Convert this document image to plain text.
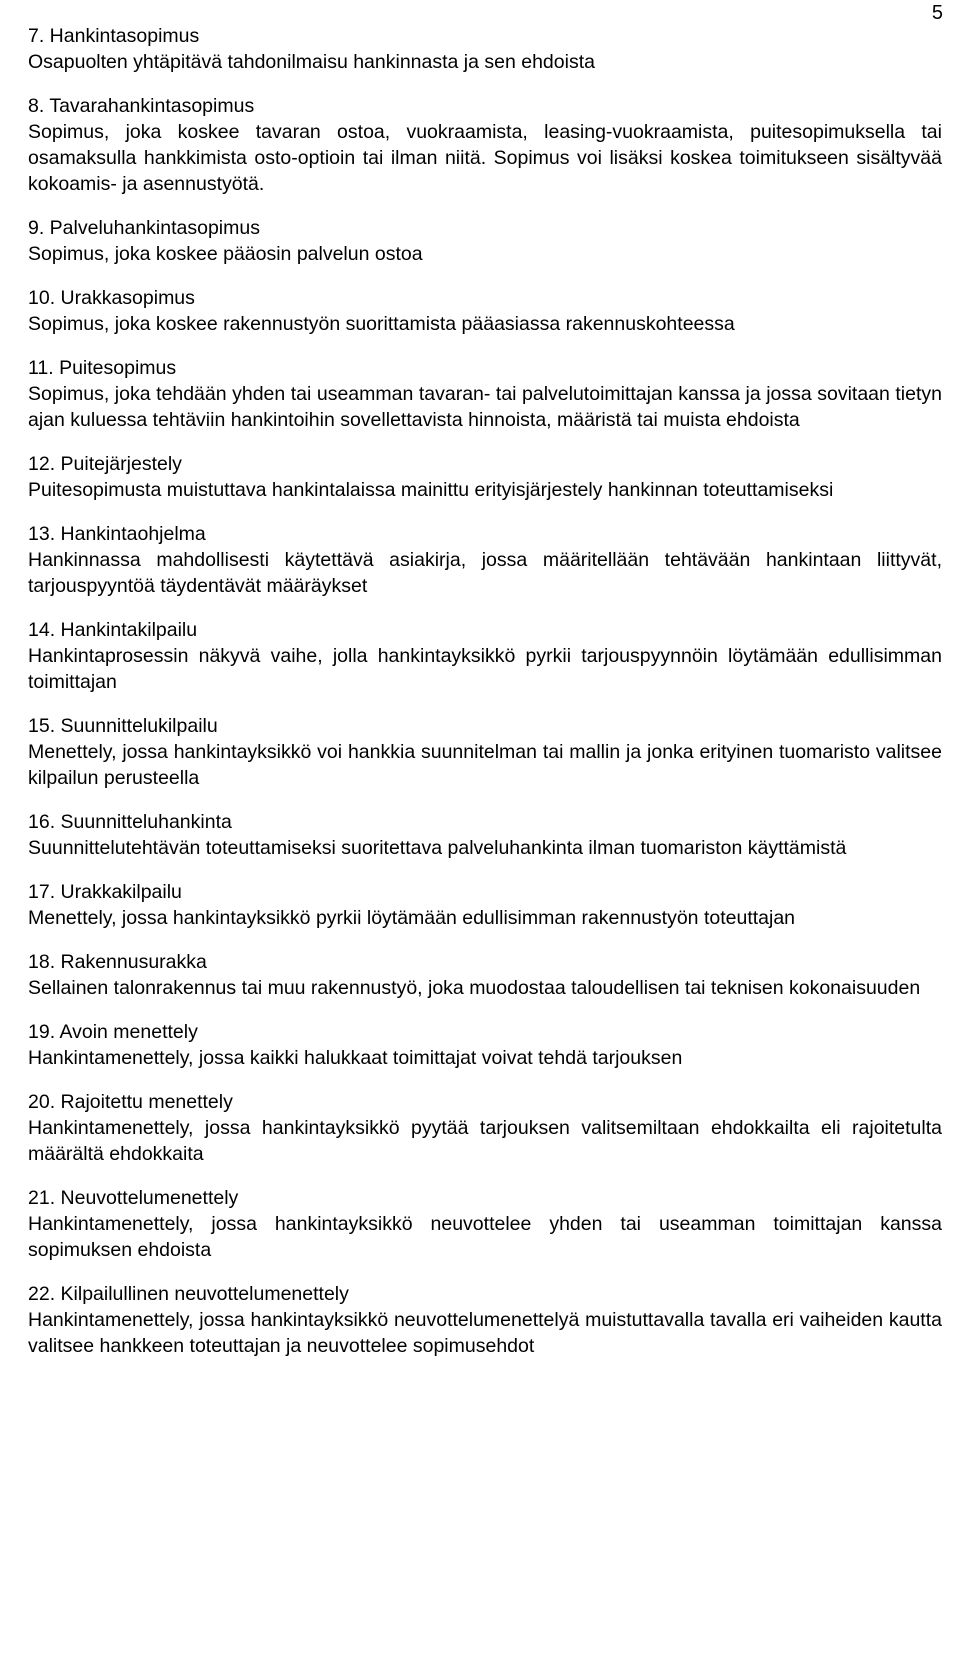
5
7. Hankintasopimus
Osapuolten yhtäpitävä tahdonilmaisu hankinnasta ja sen ehdoista
8. Tavarahankintasopimus
Sopimus, joka koskee tavaran ostoa, vuokraamista, leasing-vuokraamista, puitesopimuksella tai osamaksulla hankkimista osto-optioin tai ilman niitä. Sopimus voi lisäksi koskea toimitukseen sisältyvää kokoamis- ja asennustyötä.
9. Palveluhankintasopimus
Sopimus, joka koskee pääosin palvelun ostoa
10. Urakkasopimus
Sopimus, joka koskee rakennustyön suorittamista pääasiassa rakennuskohteessa
11. Puitesopimus
Sopimus, joka tehdään yhden tai useamman tavaran- tai palvelutoimittajan kanssa ja jossa sovitaan tietyn ajan kuluessa tehtäviin hankintoihin sovellettavista hinnoista, määristä tai muista ehdoista
12. Puitejärjestely
Puitesopimusta muistuttava hankintalaissa mainittu erityisjärjestely hankinnan toteuttamiseksi
13. Hankintaohjelma
Hankinnassa mahdollisesti käytettävä asiakirja, jossa määritellään tehtävään hankintaan liittyvät, tarjouspyyntöä täydentävät määräykset
14. Hankintakilpailu
Hankintaprosessin näkyvä vaihe, jolla hankintayksikkö pyrkii tarjouspyynnöin löytämään edullisimman toimittajan
15. Suunnittelukilpailu
Menettely, jossa hankintayksikkö voi hankkia suunnitelman tai mallin ja jonka erityinen tuomaristo valitsee kilpailun perusteella
16. Suunnitteluhankinta
Suunnittelutehtävän toteuttamiseksi suoritettava palveluhankinta ilman tuomariston käyttämistä
17. Urakkakilpailu
Menettely, jossa hankintayksikkö pyrkii löytämään edullisimman rakennustyön toteuttajan
18. Rakennusurakka
Sellainen talonrakennus tai muu rakennustyö, joka muodostaa taloudellisen tai teknisen kokonaisuuden
19. Avoin menettely
Hankintamenettely, jossa kaikki halukkaat toimittajat voivat tehdä tarjouksen
20. Rajoitettu menettely
Hankintamenettely, jossa hankintayksikkö pyytää tarjouksen valitsemiltaan ehdokkailta eli rajoitetulta määrältä ehdokkaita
21. Neuvottelumenettely
Hankintamenettely, jossa hankintayksikkö neuvottelee yhden tai useamman toimittajan kanssa sopimuksen ehdoista
22. Kilpailullinen neuvottelumenettely
Hankintamenettely, jossa hankintayksikkö neuvottelumenettelyä muistuttavalla tavalla eri vaiheiden kautta valitsee hankkeen toteuttajan ja neuvottelee sopimusehdot
